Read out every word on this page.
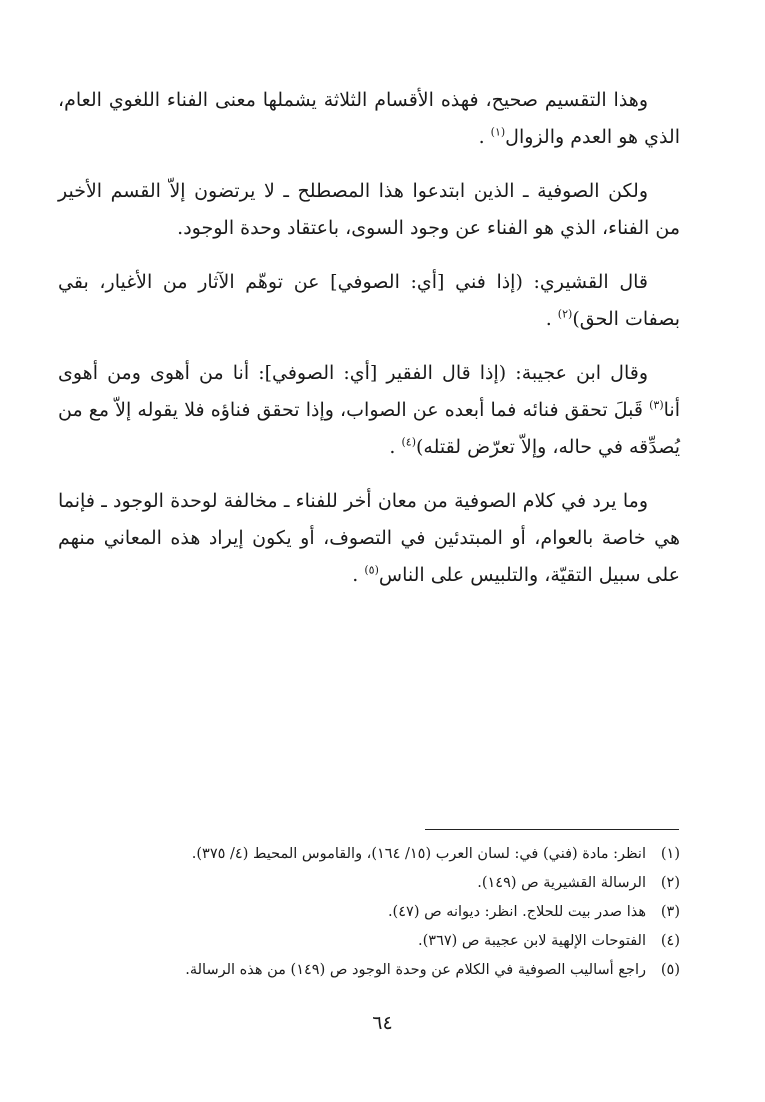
وهذا التقسيم صحيح، فهذه الأقسام الثلاثة يشملها معنى الفناء اللغوي العام، الذي هو العدم والزوال$^{(١)}$ .

ولكن الصوفية ـ الذين ابتدعوا هذا المصطلح ـ لا يرتضون إلاّ القسم الأخير من الفناء، الذي هو الفناء عن وجود السوى، باعتقاد وحدة الوجود.

قال القشيري: (إذا فني [أي: الصوفي] عن توهّم الآثار من الأغيار، بقي بصفات الحق)$^{(٢)}$ .

وقال ابن عجيبة: (إذا قال الفقير [أي: الصوفي]: أنا من أهوى ومن أهوى أنا$^{(٣)}$ قَبلَ تحقق فنائه فما أبعده عن الصواب، وإذا تحقق فناؤه فلا يقوله إلاّ مع من يُصدِّقه في حاله، وإلاّ تعرّض لقتله)$^{(٤)}$ .

وما يرد في كلام الصوفية من معان أخر للفناء ـ مخالفة لوحدة الوجود ـ فإنما هي خاصة بالعوام، أو المبتدئين في التصوف، أو يكون إيراد هذه المعاني منهم على سبيل التقيّة، والتلبيس على الناس$^{(٥)}$ .

(١)انظر: مادة (فني) في: لسان العرب (١٥/ ١٦٤)، والقاموس المحيط (٤/ ٣٧٥).

(٢)الرسالة القشيرية ص (١٤٩).

(٣)هذا صدر بيت للحلاج. انظر: ديوانه ص (٤٧).

(٤)الفتوحات الإلهية لابن عجيبة ص (٣٦٧).

(٥)راجع أساليب الصوفية في الكلام عن وحدة الوجود ص (١٤٩) من هذه الرسالة.

٦٤
